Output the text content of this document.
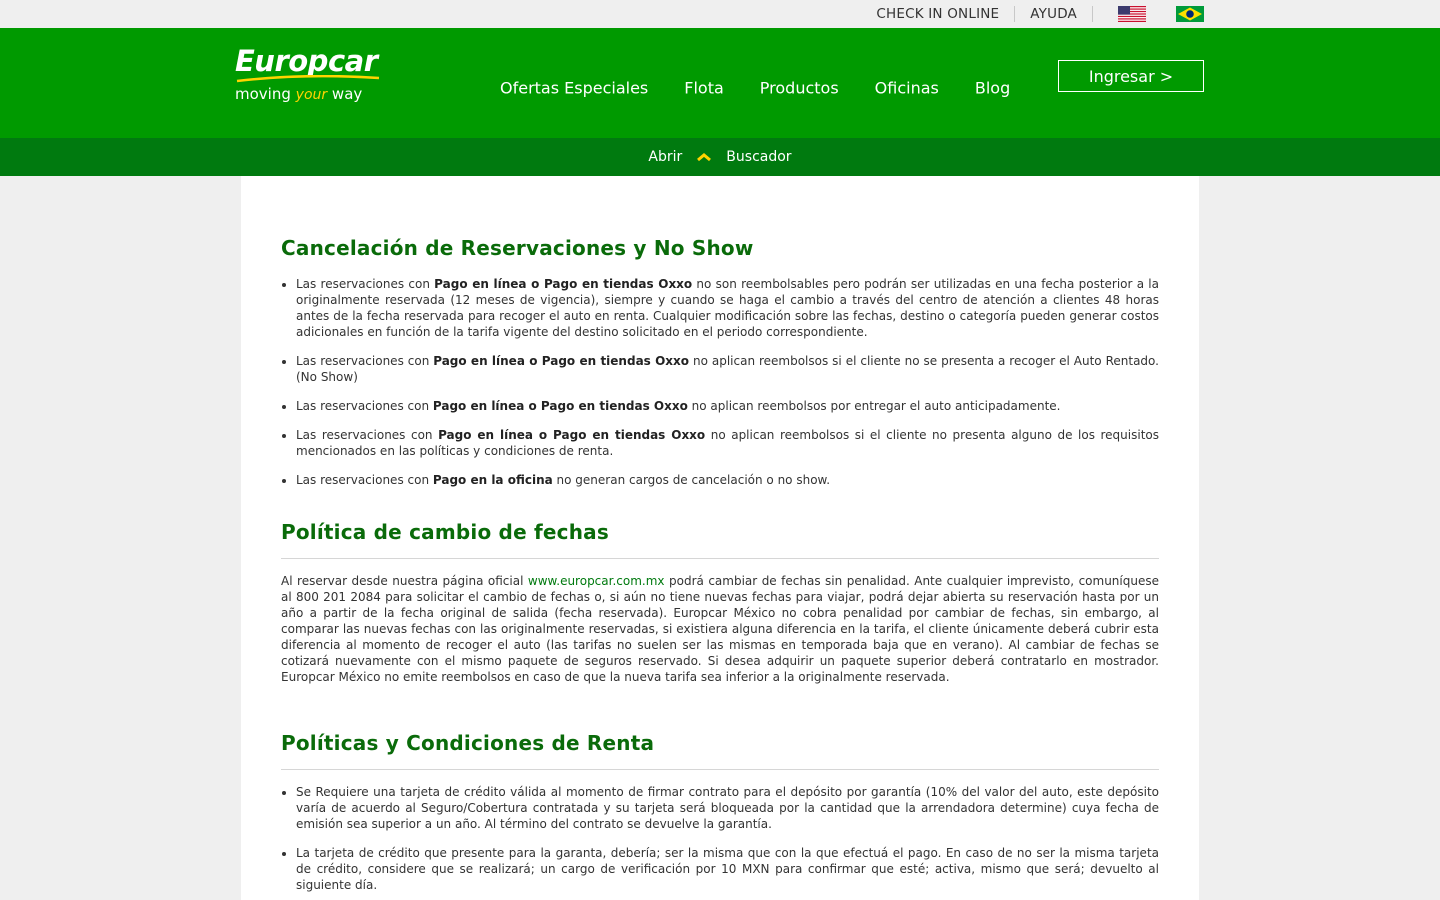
CHECK IN ONLINE	AYUDA
Europcar
moving your way	Ofertas Especiales	Flota	Productos	Oficinas	Blog
Ingresar >
Abrir	Buscador
Cancelación de Reservaciones y No Show
• Las reservaciones con Pago en línea o Pago en tiendas Oxxo no son reembolsables pero podrán ser utilizadas en una fecha posterior a la originalmente reservada (12 meses de vigencia), siempre y cuando se haga el cambio a través del centro de atención a clientes 48 horas antes de la fecha reservada para recoger el auto en renta. Cualquier modificación sobre las fechas, destino o categoría pueden generar costos adicionales en función de la tarifa vigente del destino solicitado en el periodo correspondiente.
• Las reservaciones con Pago en línea o Pago en tiendas Oxxo no aplican reembolsos si el cliente no se presenta a recoger el Auto Rentado. (No Show)
• Las reservaciones con Pago en línea o Pago en tiendas Oxxo no aplican reembolsos por entregar el auto anticipadamente.
• Las reservaciones con Pago en línea o Pago en tiendas Oxxo no aplican reembolsos si el cliente no presenta alguno de los requisitos mencionados en las políticas y condiciones de renta.
• Las reservaciones con Pago en la oficina no generan cargos de cancelación o no show.
Política de cambio de fechas

Al reservar desde nuestra página oficial www.europcar.com.mx podrá cambiar de fechas sin penalidad. Ante cualquier imprevisto, comuníquese al 800 201 2084 para solicitar el cambio de fechas o, si aún no tiene nuevas fechas para viajar, podrá dejar abierta su reservación hasta por un año a partir de la fecha original de salida (fecha reservada). Europcar México no cobra penalidad por cambiar de fechas, sin embargo, al comparar las nuevas fechas con las originalmente reservadas, si existiera alguna diferencia en la tarifa, el cliente únicamente deberá cubrir esta diferencia al momento de recoger el auto (las tarifas no suelen ser las mismas en temporada baja que en verano). Al cambiar de fechas se cotizará nuevamente con el mismo paquete de seguros reservado. Si desea adquirir un paquete superior deberá contratarlo en mostrador. Europcar México no emite reembolsos en caso de que la nueva tarifa sea inferior a la originalmente reservada.

Políticas y Condiciones de Renta
• Se Requiere una tarjeta de crédito válida al momento de firmar contrato para el depósito por garantía (10% del valor del auto, este depósito varía de acuerdo al Seguro/Cobertura contratada y su tarjeta será bloqueada por la cantidad que la arrendadora determine) cuya fecha de emisión sea superior a un año. Al término del contrato se devuelve la garantía.
• La tarjeta de crédito que presente para la garanta, debería; ser la misma que con la que efectuá el pago. En caso de no ser la misma tarjeta de crédito, considere que se realizará; un cargo de verificación por 10 MXN para confirmar que esté; activa, mismo que será; devuelto al siguiente día.
